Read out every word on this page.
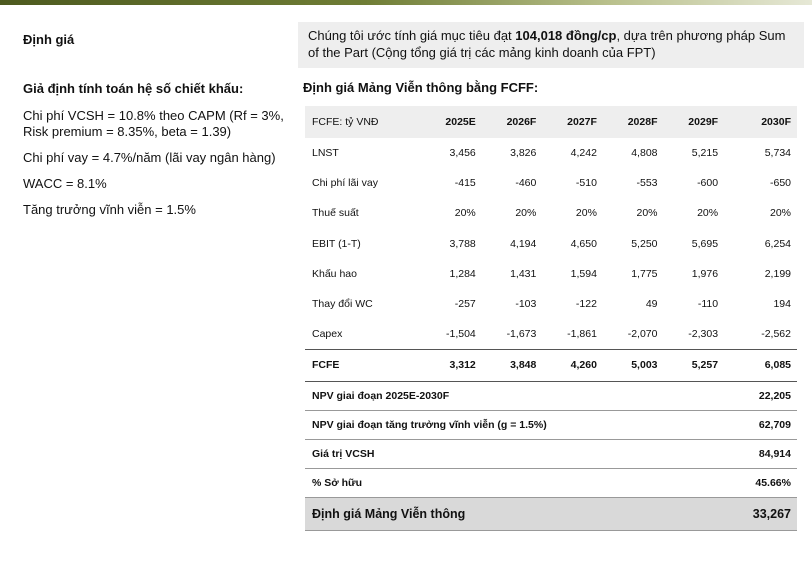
Định giá
Giả định tính toán hệ số chiết khấu:
Chi phí VCSH = 10.8% theo CAPM (Rf = 3%, Risk premium = 8.35%, beta = 1.39)
Chi phí vay = 4.7%/năm (lãi vay ngân hàng)
WACC = 8.1%
Tăng trưởng vĩnh viễn = 1.5%
Chúng tôi ước tính giá mục tiêu đạt 104,018 đồng/cp, dựa trên phương pháp Sum of the Part (Cộng tổng giá trị các mảng kinh doanh của FPT)
Định giá Mảng Viễn thông bằng FCFF:
FCFE: tỷ VNĐ	2025E	2026F	2027F	2028F	2029F	2030F
LNST	3,456	3,826	4,242	4,808	5,215	5,734
Chi phí lãi vay	-415	-460	-510	-553	-600	-650
Thuế suất	20%	20%	20%	20%	20%	20%
EBIT (1-T)	3,788	4,194	4,650	5,250	5,695	6,254
Khấu hao	1,284	1,431	1,594	1,775	1,976	2,199
Thay đổi WC	-257	-103	-122	49	-110	194
Capex	-1,504	-1,673	-1,861	-2,070	-2,303	-2,562
FCFE	3,312	3,848	4,260	5,003	5,257	6,085
NPV giai đoạn 2025E-2030F						22,205
NPV giai đoạn tăng trưởng vĩnh viễn (g = 1.5%)						62,709
Giá trị VCSH						84,914
% Sở hữu						45.66%
Định giá Mảng Viễn thông						33,267
